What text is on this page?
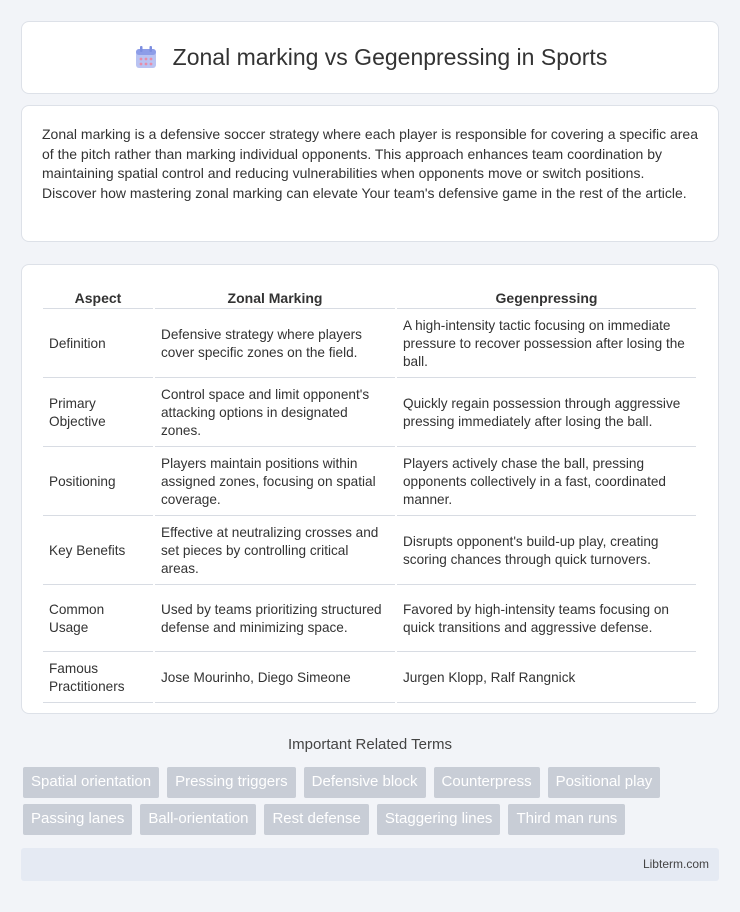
Zonal marking vs Gegenpressing in Sports

Zonal marking is a defensive soccer strategy where each player is responsible for covering a specific area of the pitch rather than marking individual opponents. This approach enhances team coordination by maintaining spatial control and reducing vulnerabilities when opponents move or switch positions. Discover how mastering zonal marking can elevate Your team's defensive game in the rest of the article.

Aspect	Zonal Marking	Gegenpressing
Definition	Defensive strategy where players cover specific zones on the field.	A high-intensity tactic focusing on immediate pressure to recover possession after losing the ball.
Primary Objective	Control space and limit opponent's attacking options in designated zones.	Quickly regain possession through aggressive pressing immediately after losing the ball.
Positioning	Players maintain positions within assigned zones, focusing on spatial coverage.	Players actively chase the ball, pressing opponents collectively in a fast, coordinated manner.
Key Benefits	Effective at neutralizing crosses and set pieces by controlling critical areas.	Disrupts opponent's build-up play, creating scoring chances through quick turnovers.
Common Usage	Used by teams prioritizing structured defense and minimizing space.	Favored by high-intensity teams focusing on quick transitions and aggressive defense.
Famous Practitioners	Jose Mourinho, Diego Simeone	Jurgen Klopp, Ralf Rangnick
Important Related Terms
Spatial orientation	Pressing triggers	Defensive block	Counterpress	Positional play
Passing lanes	Ball-orientation	Rest defense	Staggering lines	Third man runs
Libterm.com
